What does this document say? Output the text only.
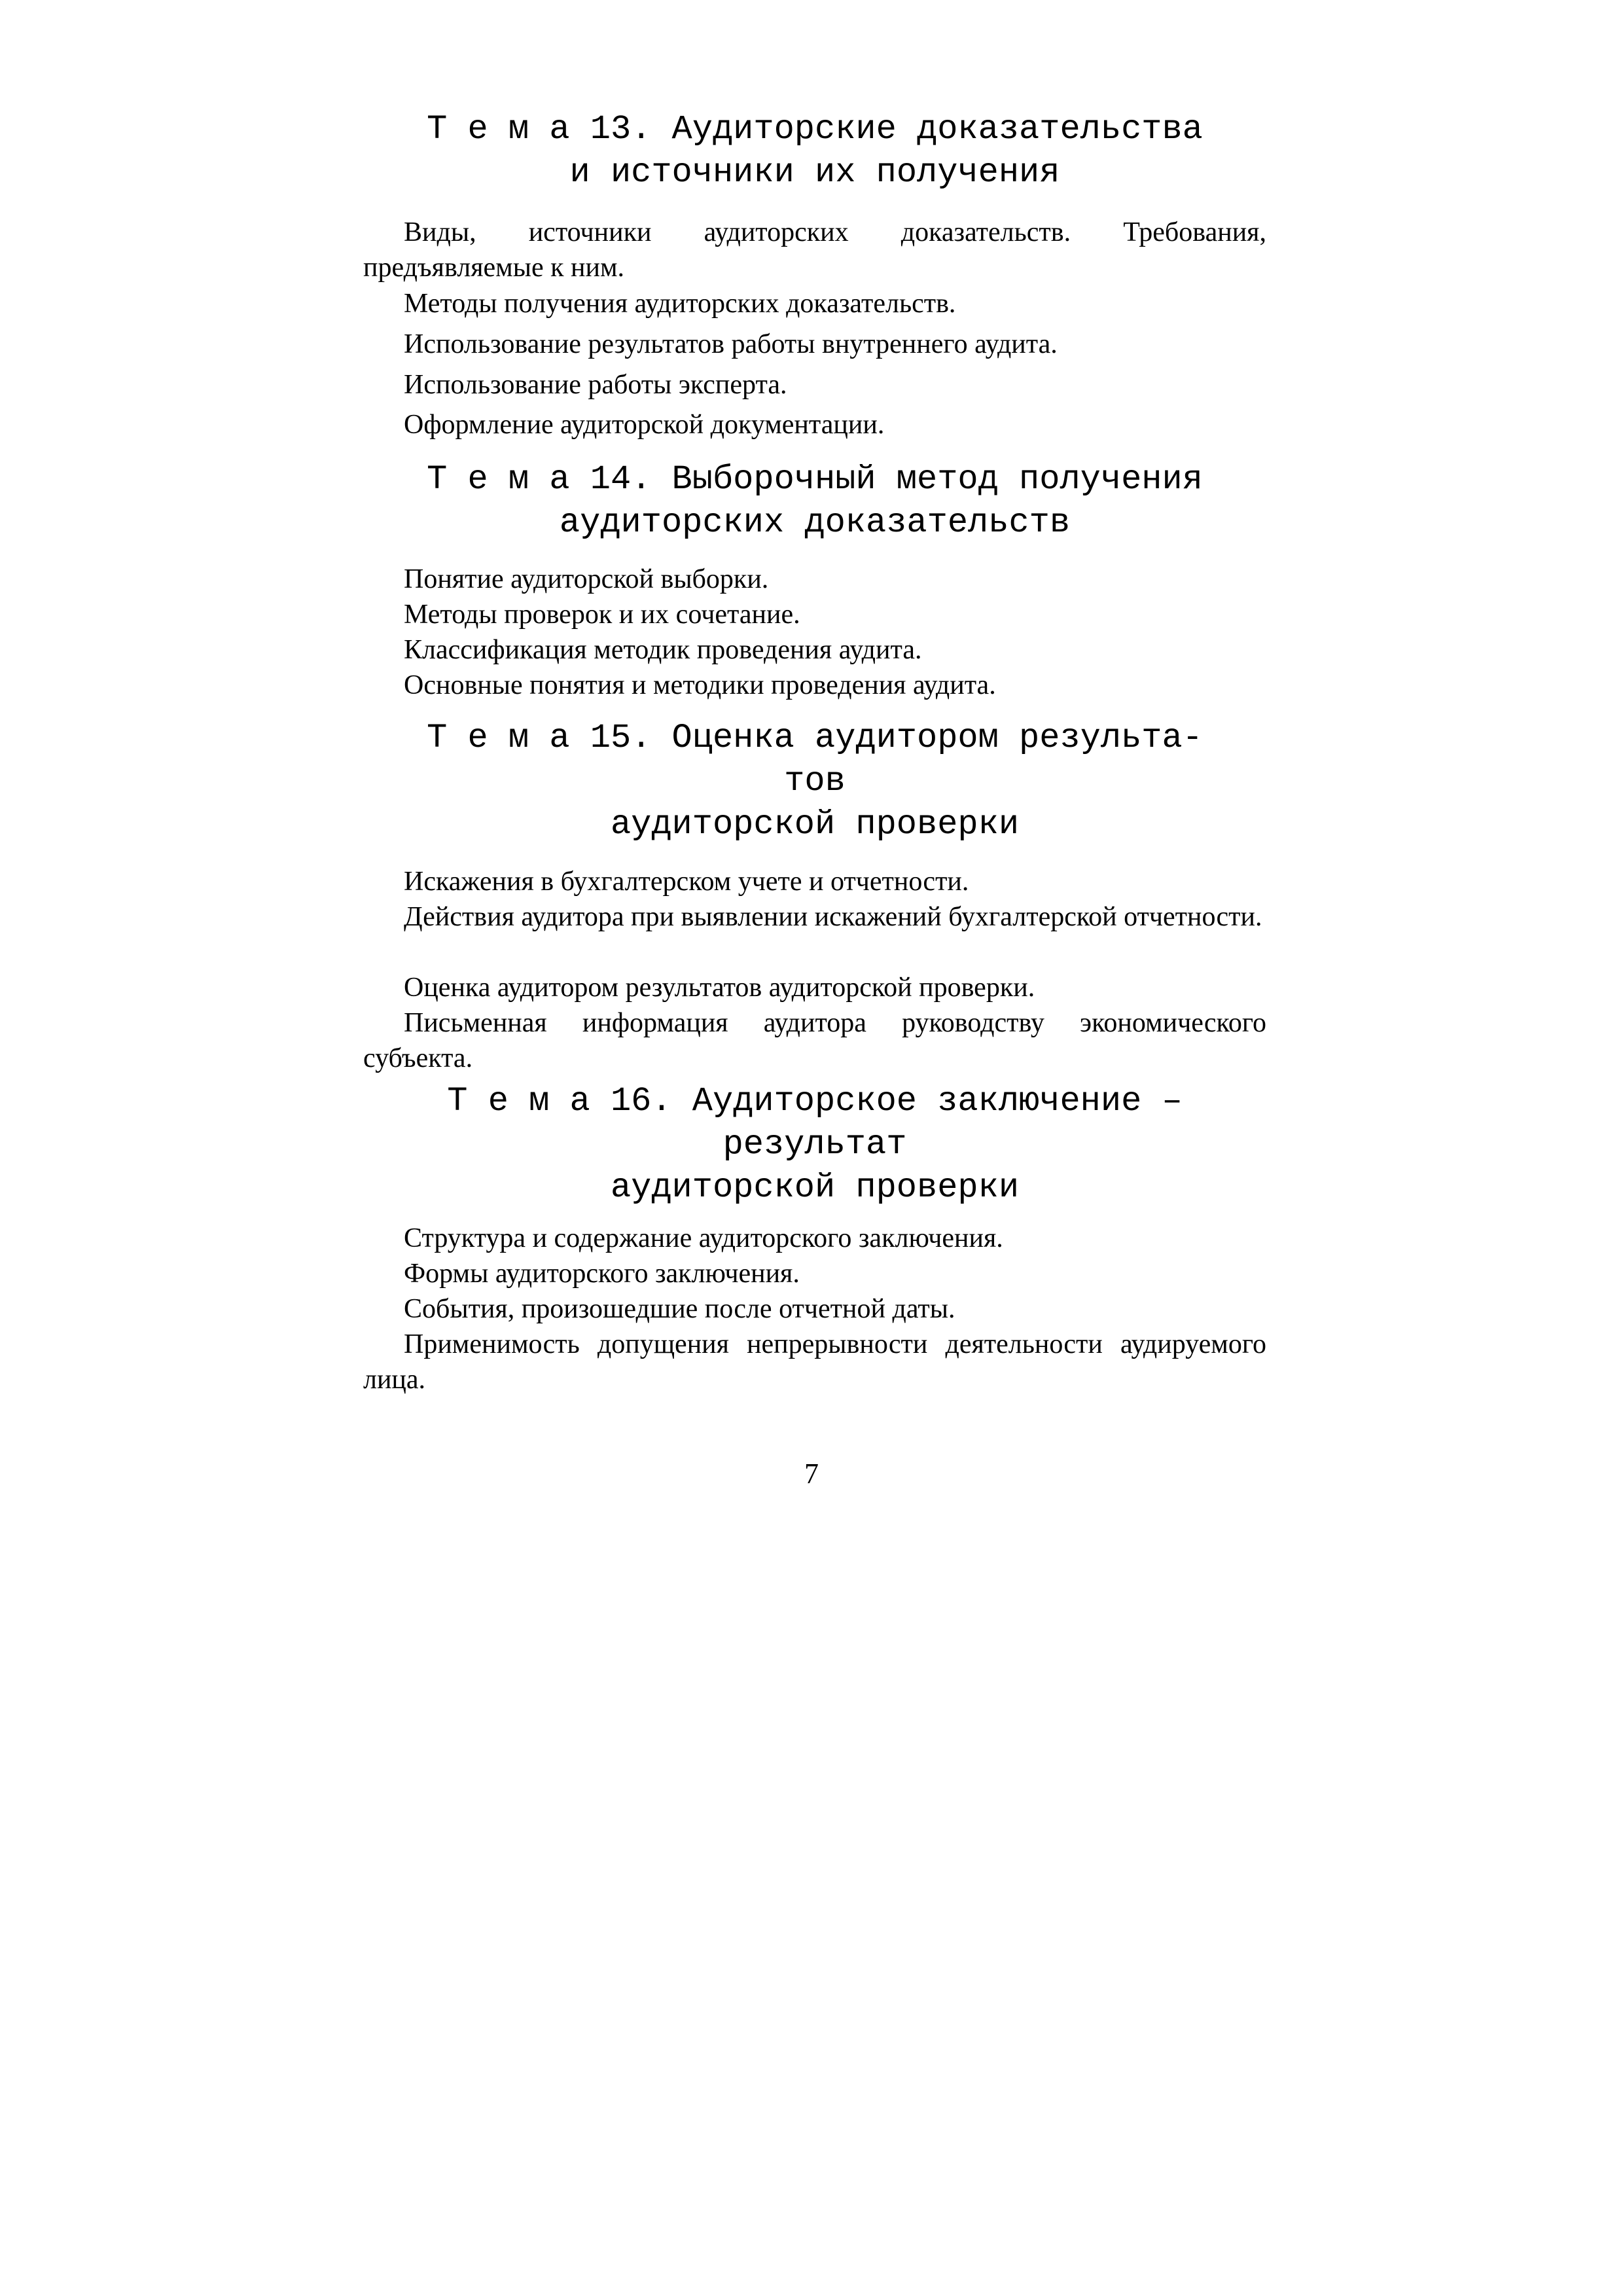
Т е м а 13. Аудиторские доказательства
и источники их получения

Виды, источники аудиторских доказательств. Требования, предъявляемые к ним.

Методы получения аудиторских доказательств.

Использование результатов работы внутреннего аудита.

Использование работы эксперта.

Оформление аудиторской документации.

Т е м а 14. Выборочный метод получения
аудиторских доказательств

Понятие аудиторской выборки.

Методы проверок и их сочетание.

Классификация методик проведения аудита.

Основные понятия и методики проведения аудита.

Т е м а 15. Оценка аудитором результа-
тов
аудиторской проверки

Искажения в бухгалтерском учете и отчетности.

Действия аудитора при выявлении искажений бухгалтерской отчетности.

Оценка аудитором результатов аудиторской проверки.

Письменная информация аудитора руководству экономического субъекта.

Т е м а 16. Аудиторское заключение –
результат
аудиторской проверки

Структура и содержание аудиторского заключения.

Формы аудиторского заключения.

События, произошедшие после отчетной даты.

Применимость допущения непрерывности деятельности аудируемого лица.

7
